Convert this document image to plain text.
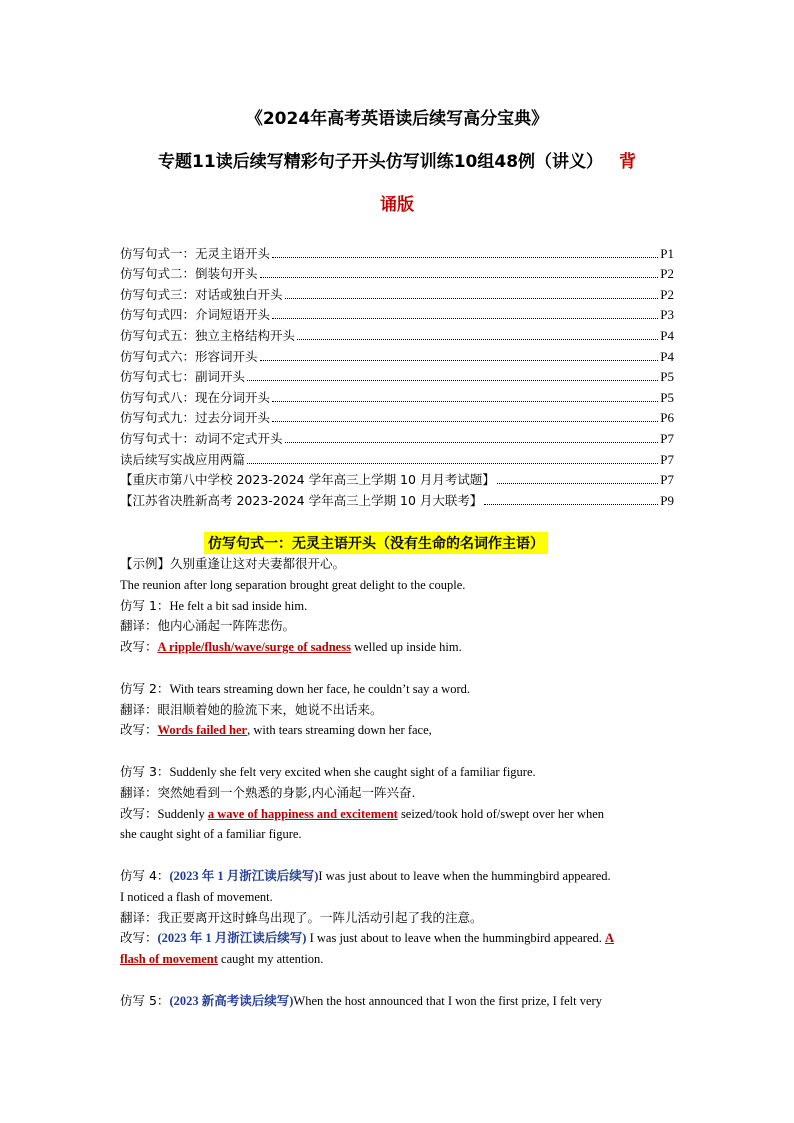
《2024年高考英语读后续写高分宝典》
专题11读后续写精彩句子开头仿写训练10组48例（讲义） 背
诵版
仿写句式一：无灵主语开头	P1
仿写句式二：倒装句开头	P2
仿写句式三：对话或独白开头	P2
仿写句式四：介词短语开头	P3
仿写句式五：独立主格结构开头	P4
仿写句式六：形容词开头	P4
仿写句式七：副词开头	P5
仿写句式八：现在分词开头	P5
仿写句式九：过去分词开头	P6
仿写句式十：动词不定式开头	P7
读后续写实战应用两篇	P7
【重庆市第八中学校 2023-2024 学年高三上学期 10 月月考试题】	P7
【江苏省决胜新高考 2023-2024 学年高三上学期 10 月大联考】	P9
仿写句式一：无灵主语开头（没有生命的名词作主语）
【示例】久别重逢让这对夫妻都很开心。
The reunion after long separation brought great delight to the couple.
仿写 1：He felt a bit sad inside him.
翻译：他内心涌起一阵阵悲伤。
改写：A ripple/flush/wave/surge of sadness welled up inside him.
仿写 2：With tears streaming down her face, he couldn’t say a word.
翻译：眼泪顺着她的脸流下来，她说不出话来。
改写：Words failed her, with tears streaming down her face,
仿写 3：Suddenly she felt very excited when she caught sight of a familiar figure.
翻译：突然她看到一个熟悉的身影,内心涌起一阵兴奋.
改写：Suddenly a wave of happiness and excitement seized/took hold of/swept over her when
she caught sight of a familiar figure.
仿写 4：(2023 年 1 月浙江读后续写)I was just about to leave when the hummingbird appeared.
I noticed a flash of movement.
翻译：我正要离开这时蜂鸟出现了。一阵儿活动引起了我的注意。
改写：(2023 年 1 月浙江读后续写) I was just about to leave when the hummingbird appeared. A
flash of movement caught my attention.
仿写 5：(2023 新高考读后续写)When the host announced that I won the first prize, I felt very
